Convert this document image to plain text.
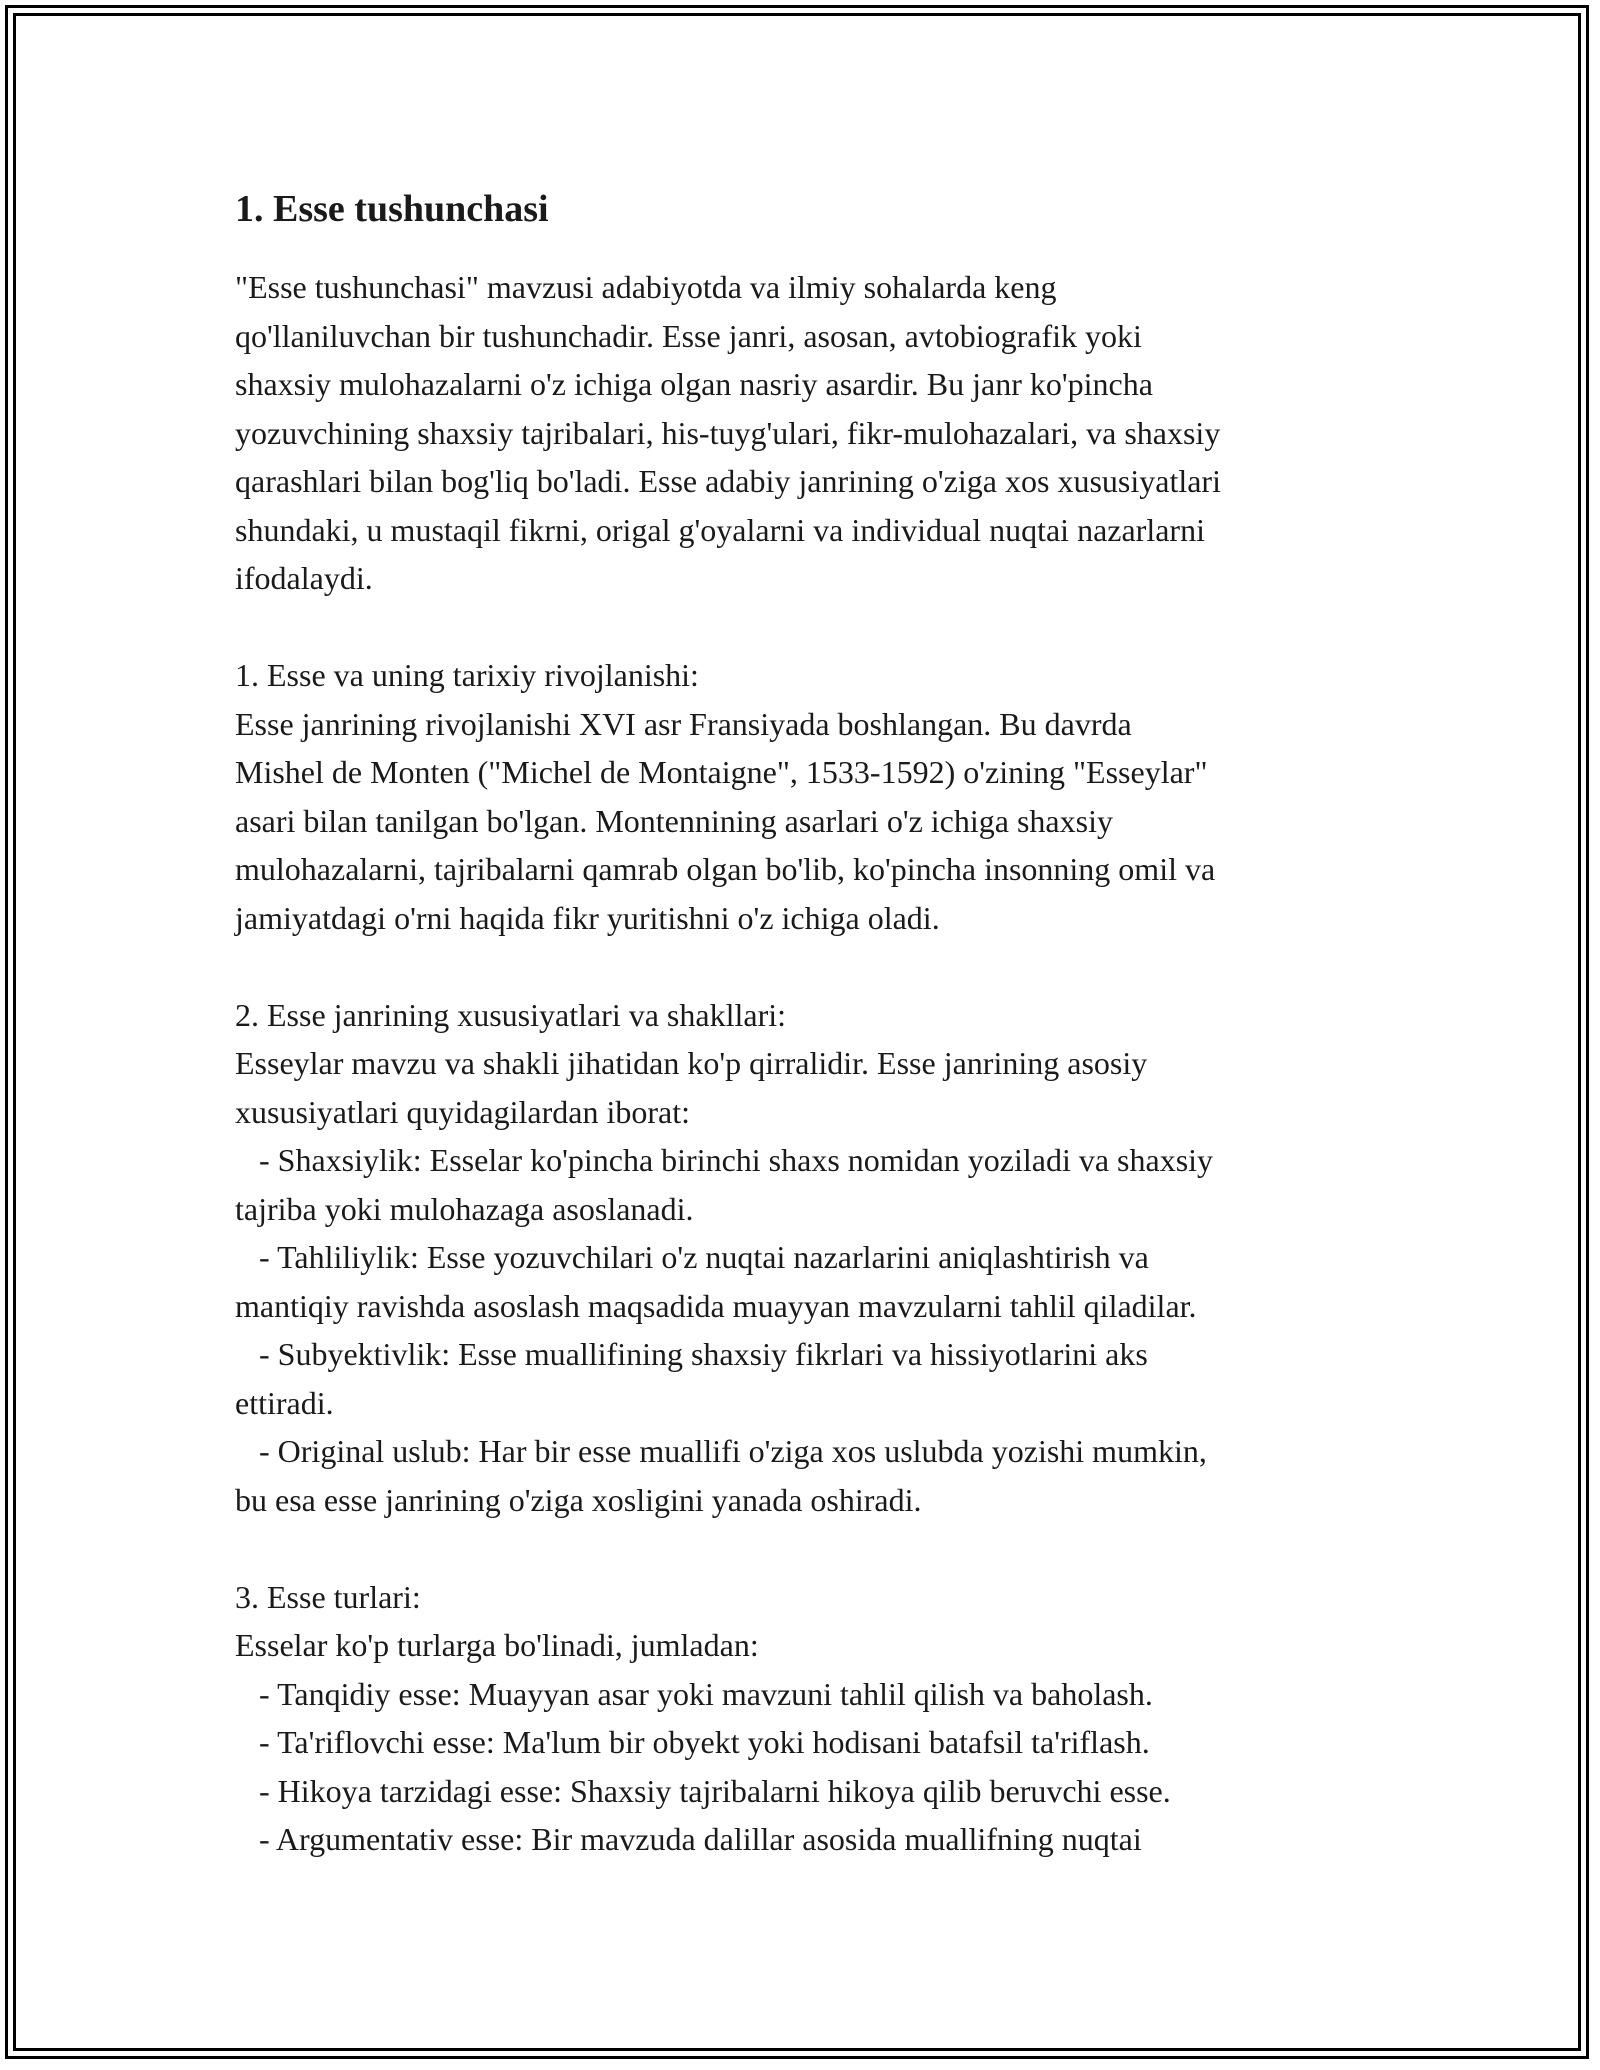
1. Esse tushunchasi

"Esse tushunchasi" mavzusi adabiyotda va ilmiy sohalarda keng

qo'llaniluvchan bir tushunchadir. Esse janri, asosan, avtobiografik yoki

shaxsiy mulohazalarni o'z ichiga olgan nasriy asardir. Bu janr ko'pincha

yozuvchining shaxsiy tajribalari, his-tuyg'ulari, fikr-mulohazalari, va shaxsiy

qarashlari bilan bog'liq bo'ladi. Esse adabiy janrining o'ziga xos xususiyatlari

shundaki, u mustaqil fikrni, origal g'oyalarni va individual nuqtai nazarlarni

ifodalaydi.

1. Esse va uning tarixiy rivojlanishi:

Esse janrining rivojlanishi XVI asr Fransiyada boshlangan. Bu davrda

Mishel de Monten ("Michel de Montaigne", 1533-1592) o'zining "Esseylar"

asari bilan tanilgan bo'lgan. Montennining asarlari o'z ichiga shaxsiy

mulohazalarni, tajribalarni qamrab olgan bo'lib, ko'pincha insonning omil va

jamiyatdagi o'rni haqida fikr yuritishni o'z ichiga oladi.

2. Esse janrining xususiyatlari va shakllari:

Esseylar mavzu va shakli jihatidan ko'p qirralidir. Esse janrining asosiy

xususiyatlari quyidagilardan iborat:

- Shaxsiylik: Esselar ko'pincha birinchi shaxs nomidan yoziladi va shaxsiy

tajriba yoki mulohazaga asoslanadi.

- Tahliliylik: Esse yozuvchilari o'z nuqtai nazarlarini aniqlashtirish va

mantiqiy ravishda asoslash maqsadida muayyan mavzularni tahlil qiladilar.

- Subyektivlik: Esse muallifining shaxsiy fikrlari va hissiyotlarini aks

ettiradi.

- Original uslub: Har bir esse muallifi o'ziga xos uslubda yozishi mumkin,

bu esa esse janrining o'ziga xosligini yanada oshiradi.

3. Esse turlari:

Esselar ko'p turlarga bo'linadi, jumladan:

- Tanqidiy esse: Muayyan asar yoki mavzuni tahlil qilish va baholash.

- Ta'riflovchi esse: Ma'lum bir obyekt yoki hodisani batafsil ta'riflash.

- Hikoya tarzidagi esse: Shaxsiy tajribalarni hikoya qilib beruvchi esse.

- Argumentativ esse: Bir mavzuda dalillar asosida muallifning nuqtai
